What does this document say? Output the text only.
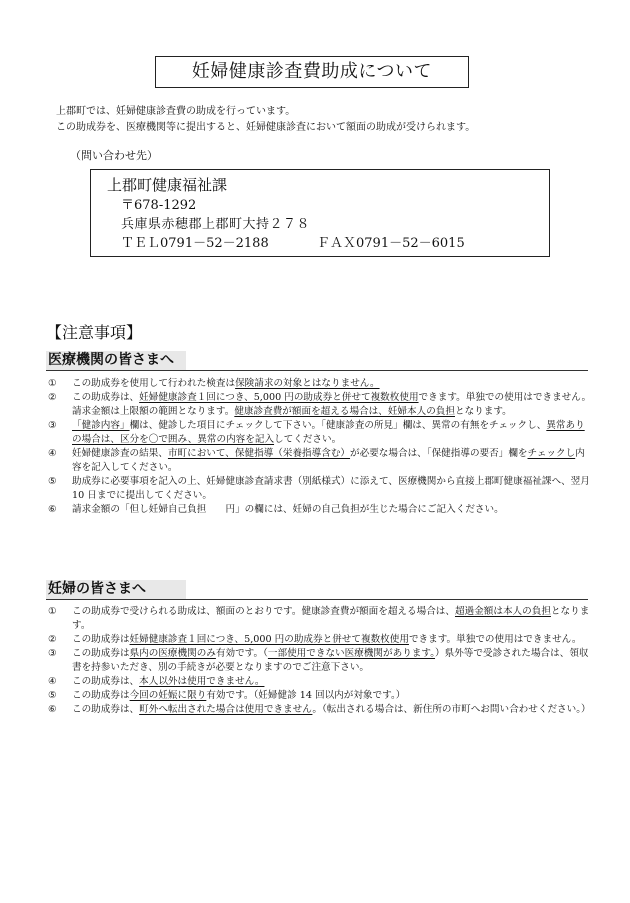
妊婦健康診査費助成について
上郡町では、妊婦健康診査費の助成を行っています。
この助成券を、医療機関等に提出すると、妊婦健康診査において額面の助成が受けられます。
（問い合わせ先）
上郡町健康福祉課
〒678-1292
兵庫県赤穂郡上郡町大持２７８
ＴＥＬ0791－52－2188	ＦＡＸ0791－52－6015
【注意事項】
医療機関の皆さまへ
① この助成券を使用して行われた検査は保険請求の対象とはなりません。
② この助成券は、妊婦健康診査１回につき、5,000 円の助成券と併せて複数枚使用できます。単独での使用はできません。請求金額は上限額の範囲となります。健康診査費が額面を超える場合は、妊婦本人の負担となります。
③ 「健診内容」欄は、健診した項目にチェックして下さい。「健康診査の所見」欄は、異常の有無をチェックし、異常ありの場合は、区分を〇で囲み、異常の内容を記入してください。
④ 妊婦健康診査の結果、市町において、保健指導（栄養指導含む）が必要な場合は、「保健指導の要否」欄をチェックし内容を記入してください。
⑤ 助成券に必要事項を記入の上、妊婦健康診査請求書（別紙様式）に添えて、医療機関から直接上郡町健康福祉課へ、翌月 10 日までに提出してください。
⑥ 請求金額の「但し妊婦自己負担　　円」の欄には、妊婦の自己負担が生じた場合にご記入ください。
妊婦の皆さまへ
① この助成券で受けられる助成は、額面のとおりです。健康診査費が額面を超える場合は、超過金額は本人の負担となります。
② この助成券は妊婦健康診査１回につき、5,000 円の助成券と併せて複数枚使用できます。単独での使用はできません。
③ この助成券は県内の医療機関のみ有効です。（一部使用できない医療機関があります。）県外等で受診された場合は、領収書を持参いただき、別の手続きが必要となりますのでご注意下さい。
④ この助成券は、本人以外は使用できません。
⑤ この助成券は今回の妊娠に限り有効です。（妊婦健診 14 回以内が対象です。）
⑥ この助成券は、町外へ転出された場合は使用できません。（転出される場合は、新住所の市町へお問い合わせください。）
